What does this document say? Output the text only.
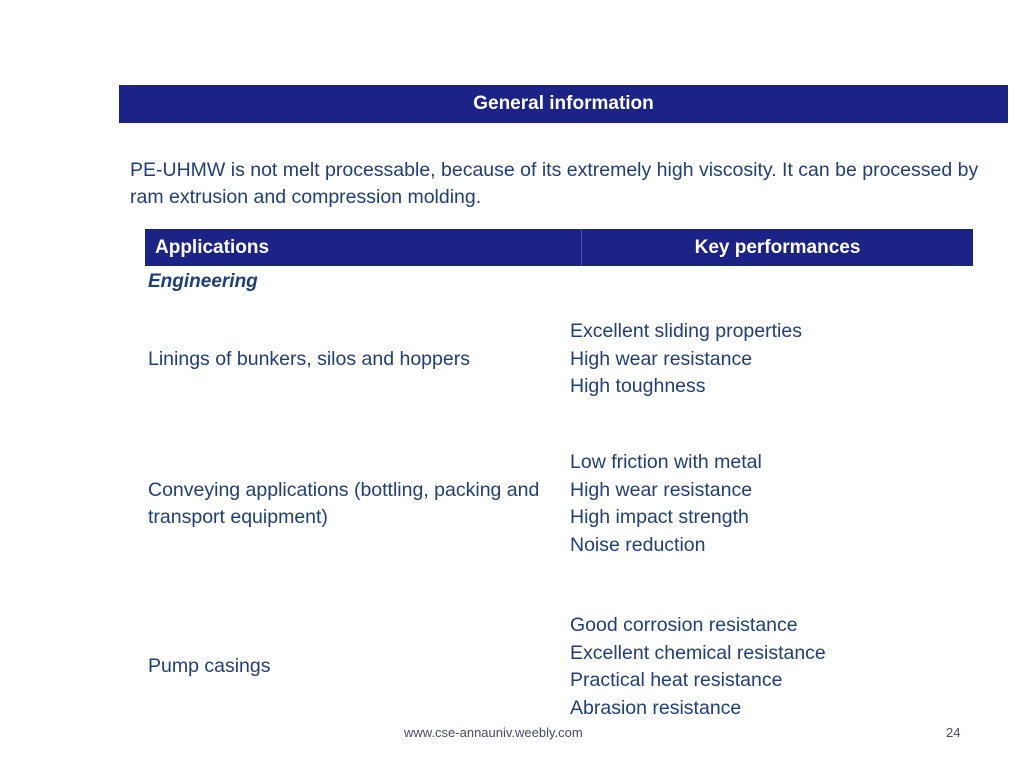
General information
PE-UHMW is not melt processable, because of its extremely high viscosity. It can be processed by ram extrusion and compression molding.
Applications	Key performances
Engineering
Linings of bunkers, silos and hoppers
Excellent sliding properties
High wear resistance
High toughness
Conveying applications (bottling, packing and transport equipment)
Low friction with metal
High wear resistance
High impact strength
Noise reduction
Pump casings
Good corrosion resistance
Excellent chemical resistance
Practical heat resistance
Abrasion resistance
www.cse-annauniv.weebly.com	24
